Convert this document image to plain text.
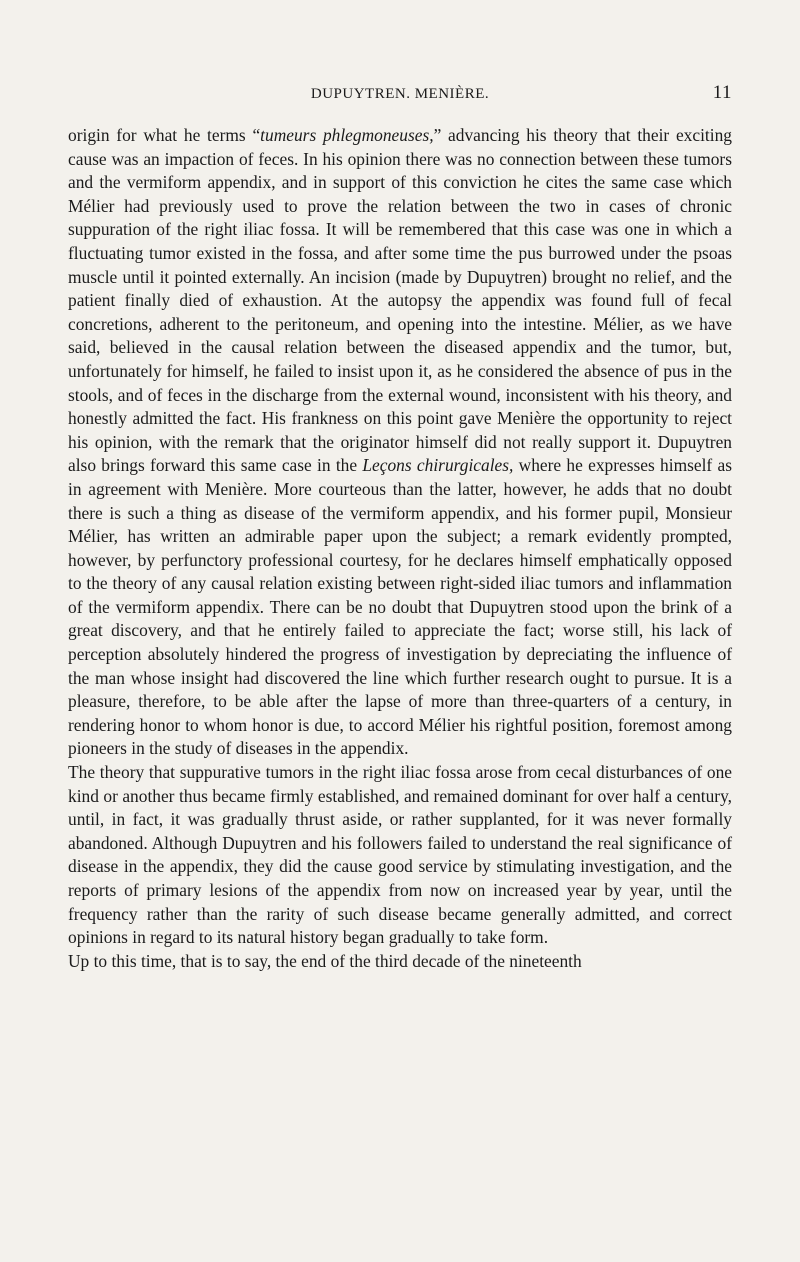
DUPUYTREN. MENIÈRE.	11

origin for what he terms “tumeurs phlegmoneuses,” advancing his theory that their exciting cause was an impaction of feces. In his opinion there was no connection between these tumors and the vermiform appendix, and in support of this conviction he cites the same case which Mélier had previously used to prove the relation between the two in cases of chronic suppuration of the right iliac fossa. It will be remembered that this case was one in which a fluctuating tumor existed in the fossa, and after some time the pus burrowed under the psoas muscle until it pointed externally. An incision (made by Dupuytren) brought no relief, and the patient finally died of exhaustion. At the autopsy the appendix was found full of fecal concretions, adherent to the peritoneum, and opening into the intestine. Mélier, as we have said, believed in the causal relation between the diseased appendix and the tumor, but, unfortunately for himself, he failed to insist upon it, as he considered the absence of pus in the stools, and of feces in the discharge from the external wound, inconsistent with his theory, and honestly admitted the fact. His frankness on this point gave Menière the opportunity to reject his opinion, with the remark that the originator himself did not really support it. Dupuytren also brings forward this same case in the Leçons chirurgicales, where he expresses himself as in agreement with Menière. More courteous than the latter, however, he adds that no doubt there is such a thing as disease of the vermiform appendix, and his former pupil, Monsieur Mélier, has written an admirable paper upon the subject; a remark evidently prompted, however, by perfunctory professional courtesy, for he declares himself emphatically opposed to the theory of any causal relation existing between right-sided iliac tumors and inflammation of the vermiform appendix. There can be no doubt that Dupuytren stood upon the brink of a great discovery, and that he entirely failed to appreciate the fact; worse still, his lack of perception absolutely hindered the progress of investigation by depreciating the influence of the man whose insight had discovered the line which further research ought to pursue. It is a pleasure, therefore, to be able after the lapse of more than three-quarters of a century, in rendering honor to whom honor is due, to accord Mélier his rightful position, foremost among pioneers in the study of diseases in the appendix.

The theory that suppurative tumors in the right iliac fossa arose from cecal disturbances of one kind or another thus became firmly established, and remained dominant for over half a century, until, in fact, it was gradually thrust aside, or rather supplanted, for it was never formally abandoned. Although Dupuytren and his followers failed to understand the real significance of disease in the appendix, they did the cause good service by stimulating investigation, and the reports of primary lesions of the appendix from now on increased year by year, until the frequency rather than the rarity of such disease became generally admitted, and correct opinions in regard to its natural history began gradually to take form.

Up to this time, that is to say, the end of the third decade of the nineteenth
